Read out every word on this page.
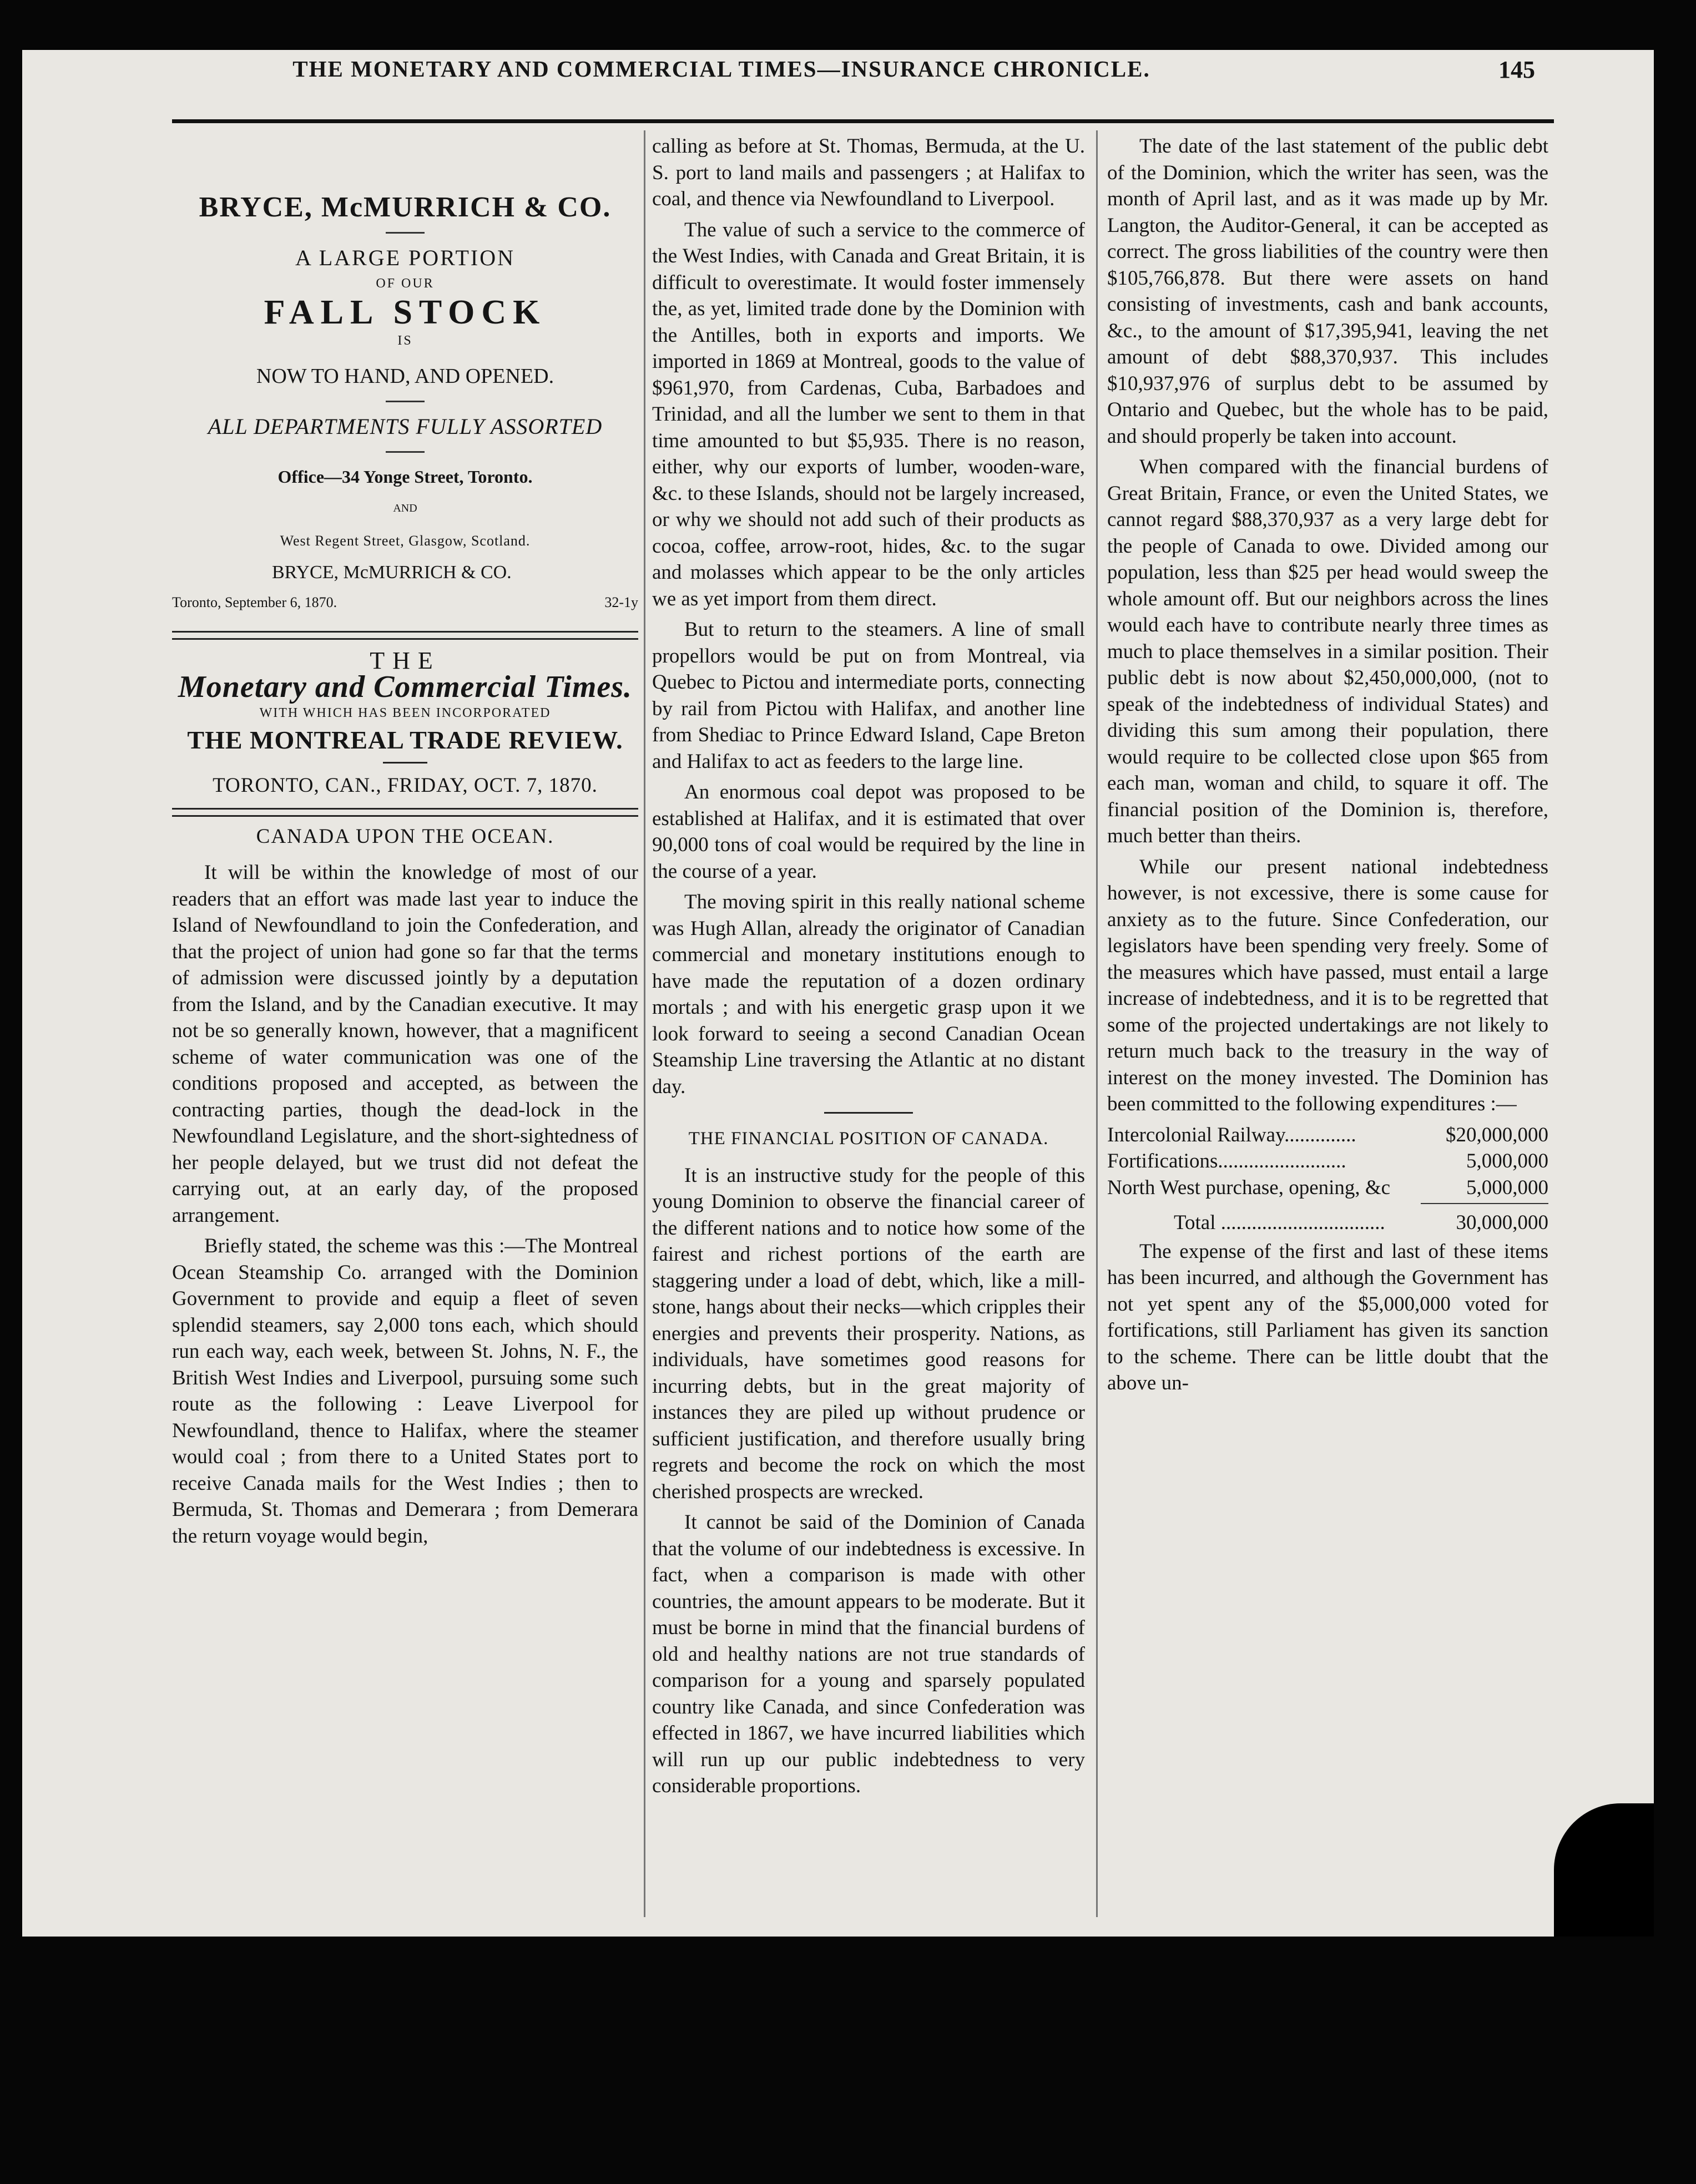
THE MONETARY AND COMMERCIAL TIMES—INSURANCE CHRONICLE.	145
BRYCE, McMURRICH & CO.
A LARGE PORTION
OF OUR
FALL STOCK
IS
NOW TO HAND, AND OPENED.
ALL DEPARTMENTS FULLY ASSORTED
Office—34 Yonge Street, Toronto.
AND
West Regent Street, Glasgow, Scotland.
BRYCE, McMURRICH & CO.
Toronto, September 6, 1870.	32-1y
THE
Monetary and Commercial Times.
WITH WHICH HAS BEEN INCORPORATED
THE MONTREAL TRADE REVIEW.
TORONTO, CAN., FRIDAY, OCT. 7, 1870.
CANADA UPON THE OCEAN.

It will be within the knowledge of most of our readers that an effort was made last year to induce the Island of Newfoundland to join the Confederation, and that the project of union had gone so far that the terms of admission were discussed jointly by a deputation from the Island, and by the Canadian executive. It may not be so generally known, however, that a magnificent scheme of water communication was one of the conditions proposed and accepted, as between the contracting parties, though the dead-lock in the Newfoundland Legislature, and the short-sightedness of her people delayed, but we trust did not defeat the carrying out, at an early day, of the proposed arrangement.

Briefly stated, the scheme was this :—The Montreal Ocean Steamship Co. arranged with the Dominion Government to provide and equip a fleet of seven splendid steamers, say 2,000 tons each, which should run each way, each week, between St. Johns, N. F., the British West Indies and Liverpool, pursuing some such route as the following : Leave Liverpool for Newfoundland, thence to Halifax, where the steamer would coal ; from there to a United States port to receive Canada mails for the West Indies ; then to Bermuda, St. Thomas and Demerara ; from Demerara the return voyage would begin,

calling as before at St. Thomas, Bermuda, at the U. S. port to land mails and passengers ; at Halifax to coal, and thence via Newfoundland to Liverpool.

The value of such a service to the commerce of the West Indies, with Canada and Great Britain, it is difficult to overestimate. It would foster immensely the, as yet, limited trade done by the Dominion with the Antilles, both in exports and imports. We imported in 1869 at Montreal, goods to the value of $961,970, from Cardenas, Cuba, Barbadoes and Trinidad, and all the lumber we sent to them in that time amounted to but $5,935. There is no reason, either, why our exports of lumber, wooden-ware, &c. to these Islands, should not be largely increased, or why we should not add such of their products as cocoa, coffee, arrow-root, hides, &c. to the sugar and molasses which appear to be the only articles we as yet import from them direct.

But to return to the steamers. A line of small propellors would be put on from Montreal, via Quebec to Pictou and intermediate ports, connecting by rail from Pictou with Halifax, and another line from Shediac to Prince Edward Island, Cape Breton and Halifax to act as feeders to the large line.

An enormous coal depot was proposed to be established at Halifax, and it is estimated that over 90,000 tons of coal would be required by the line in the course of a year.

The moving spirit in this really national scheme was Hugh Allan, already the originator of Canadian commercial and monetary institutions enough to have made the reputation of a dozen ordinary mortals ; and with his energetic grasp upon it we look forward to seeing a second Canadian Ocean Steamship Line traversing the Atlantic at no distant day.

THE FINANCIAL POSITION OF CANADA.

It is an instructive study for the people of this young Dominion to observe the financial career of the different nations and to notice how some of the fairest and richest portions of the earth are staggering under a load of debt, which, like a mill-stone, hangs about their necks—which cripples their energies and prevents their prosperity. Nations, as individuals, have sometimes good reasons for incurring debts, but in the great majority of instances they are piled up without prudence or sufficient justification, and therefore usually bring regrets and become the rock on which the most cherished prospects are wrecked.

It cannot be said of the Dominion of Canada that the volume of our indebtedness is excessive. In fact, when a comparison is made with other countries, the amount appears to be moderate. But it must be borne in mind that the financial burdens of old and healthy nations are not true standards of comparison for a young and sparsely populated country like Canada, and since Confederation was effected in 1867, we have incurred liabilities which will run up our public indebtedness to very considerable proportions.

The date of the last statement of the public debt of the Dominion, which the writer has seen, was the month of April last, and as it was made up by Mr. Langton, the Auditor-General, it can be accepted as correct. The gross liabilities of the country were then $105,766,878. But there were assets on hand consisting of investments, cash and bank accounts, &c., to the amount of $17,395,941, leaving the net amount of debt $88,370,937. This includes $10,937,976 of surplus debt to be assumed by Ontario and Quebec, but the whole has to be paid, and should properly be taken into account.

When compared with the financial burdens of Great Britain, France, or even the United States, we cannot regard $88,370,937 as a very large debt for the people of Canada to owe. Divided among our population, less than $25 per head would sweep the whole amount off. But our neighbors across the lines would each have to contribute nearly three times as much to place themselves in a similar position. Their public debt is now about $2,450,000,000, (not to speak of the indebtedness of individual States) and dividing this sum among their population, there would require to be collected close upon $65 from each man, woman and child, to square it off. The financial position of the Dominion is, therefore, much better than theirs.

While our present national indebtedness however, is not excessive, there is some cause for anxiety as to the future. Since Confederation, our legislators have been spending very freely. Some of the measures which have passed, must entail a large increase of indebtedness, and it is to be regretted that some of the projected undertakings are not likely to return much back to the treasury in the way of interest on the money invested. The Dominion has been committed to the following expenditures :—

Intercolonial Railway..............	$20,000,000
Fortifications.........................	5,000,000
North West purchase, opening, &c	5,000,000
Total ................................	30,000,000

The expense of the first and last of these items has been incurred, and although the Government has not yet spent any of the $5,000,000 voted for fortifications, still Parliament has given its sanction to the scheme. There can be little doubt that the above un-
